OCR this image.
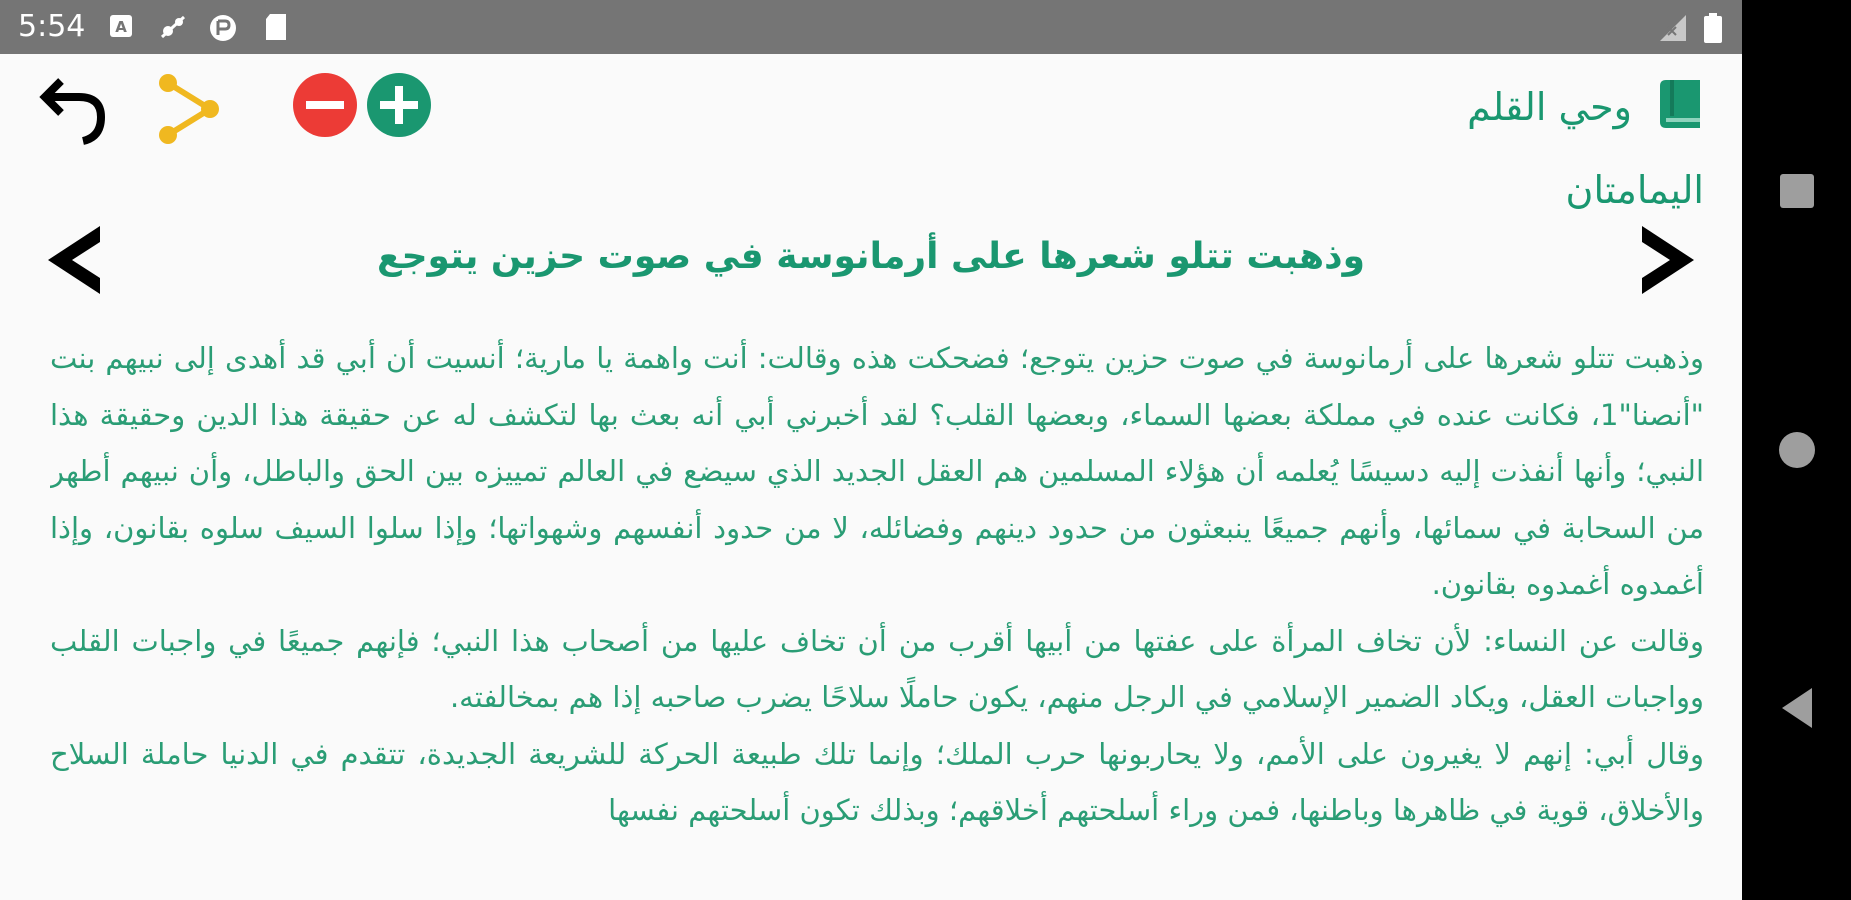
5:54 A
وحي القلم
اليمامتان
وذهبت تتلو شعرها على أرمانوسة في صوت حزين يتوجع

وذهبت تتلو شعرها على أرمانوسة في صوت حزين يتوجع؛ فضحكت هذه وقالت: أنت واهمة يا مارية؛ أنسيت أن أبي قد أهدى إلى نبيهم بنت "أنصنا"1، فكانت عنده في مملكة بعضها السماء، وبعضها القلب؟ لقد أخبرني أبي أنه بعث بها لتكشف له عن حقيقة هذا الدين وحقيقة هذا النبي؛ وأنها أنفذت إليه دسيسًا يُعلمه أن هؤلاء المسلمين هم العقل الجديد الذي سيضع في العالم تمييزه بين الحق والباطل، وأن نبيهم أطهر من السحابة في سمائها، وأنهم جميعًا ينبعثون من حدود دينهم وفضائله، لا من حدود أنفسهم وشهواتها؛ وإذا سلوا السيف سلوه بقانون، وإذا أغمدوه أغمدوه بقانون.

وقالت عن النساء: لأن تخاف المرأة على عفتها من أبيها أقرب من أن تخاف عليها من أصحاب هذا النبي؛ فإنهم جميعًا في واجبات القلب وواجبات العقل، ويكاد الضمير الإسلامي في الرجل منهم، يكون حاملًا سلاحًا يضرب صاحبه إذا هم بمخالفته.

وقال أبي: إنهم لا يغيرون على الأمم، ولا يحاربونها حرب الملك؛ وإنما تلك طبيعة الحركة للشريعة الجديدة، تتقدم في الدنيا حاملة السلاح والأخلاق، قوية في ظاهرها وباطنها، فمن وراء أسلحتهم أخلاقهم؛ وبذلك تكون أسلحتهم نفسها
